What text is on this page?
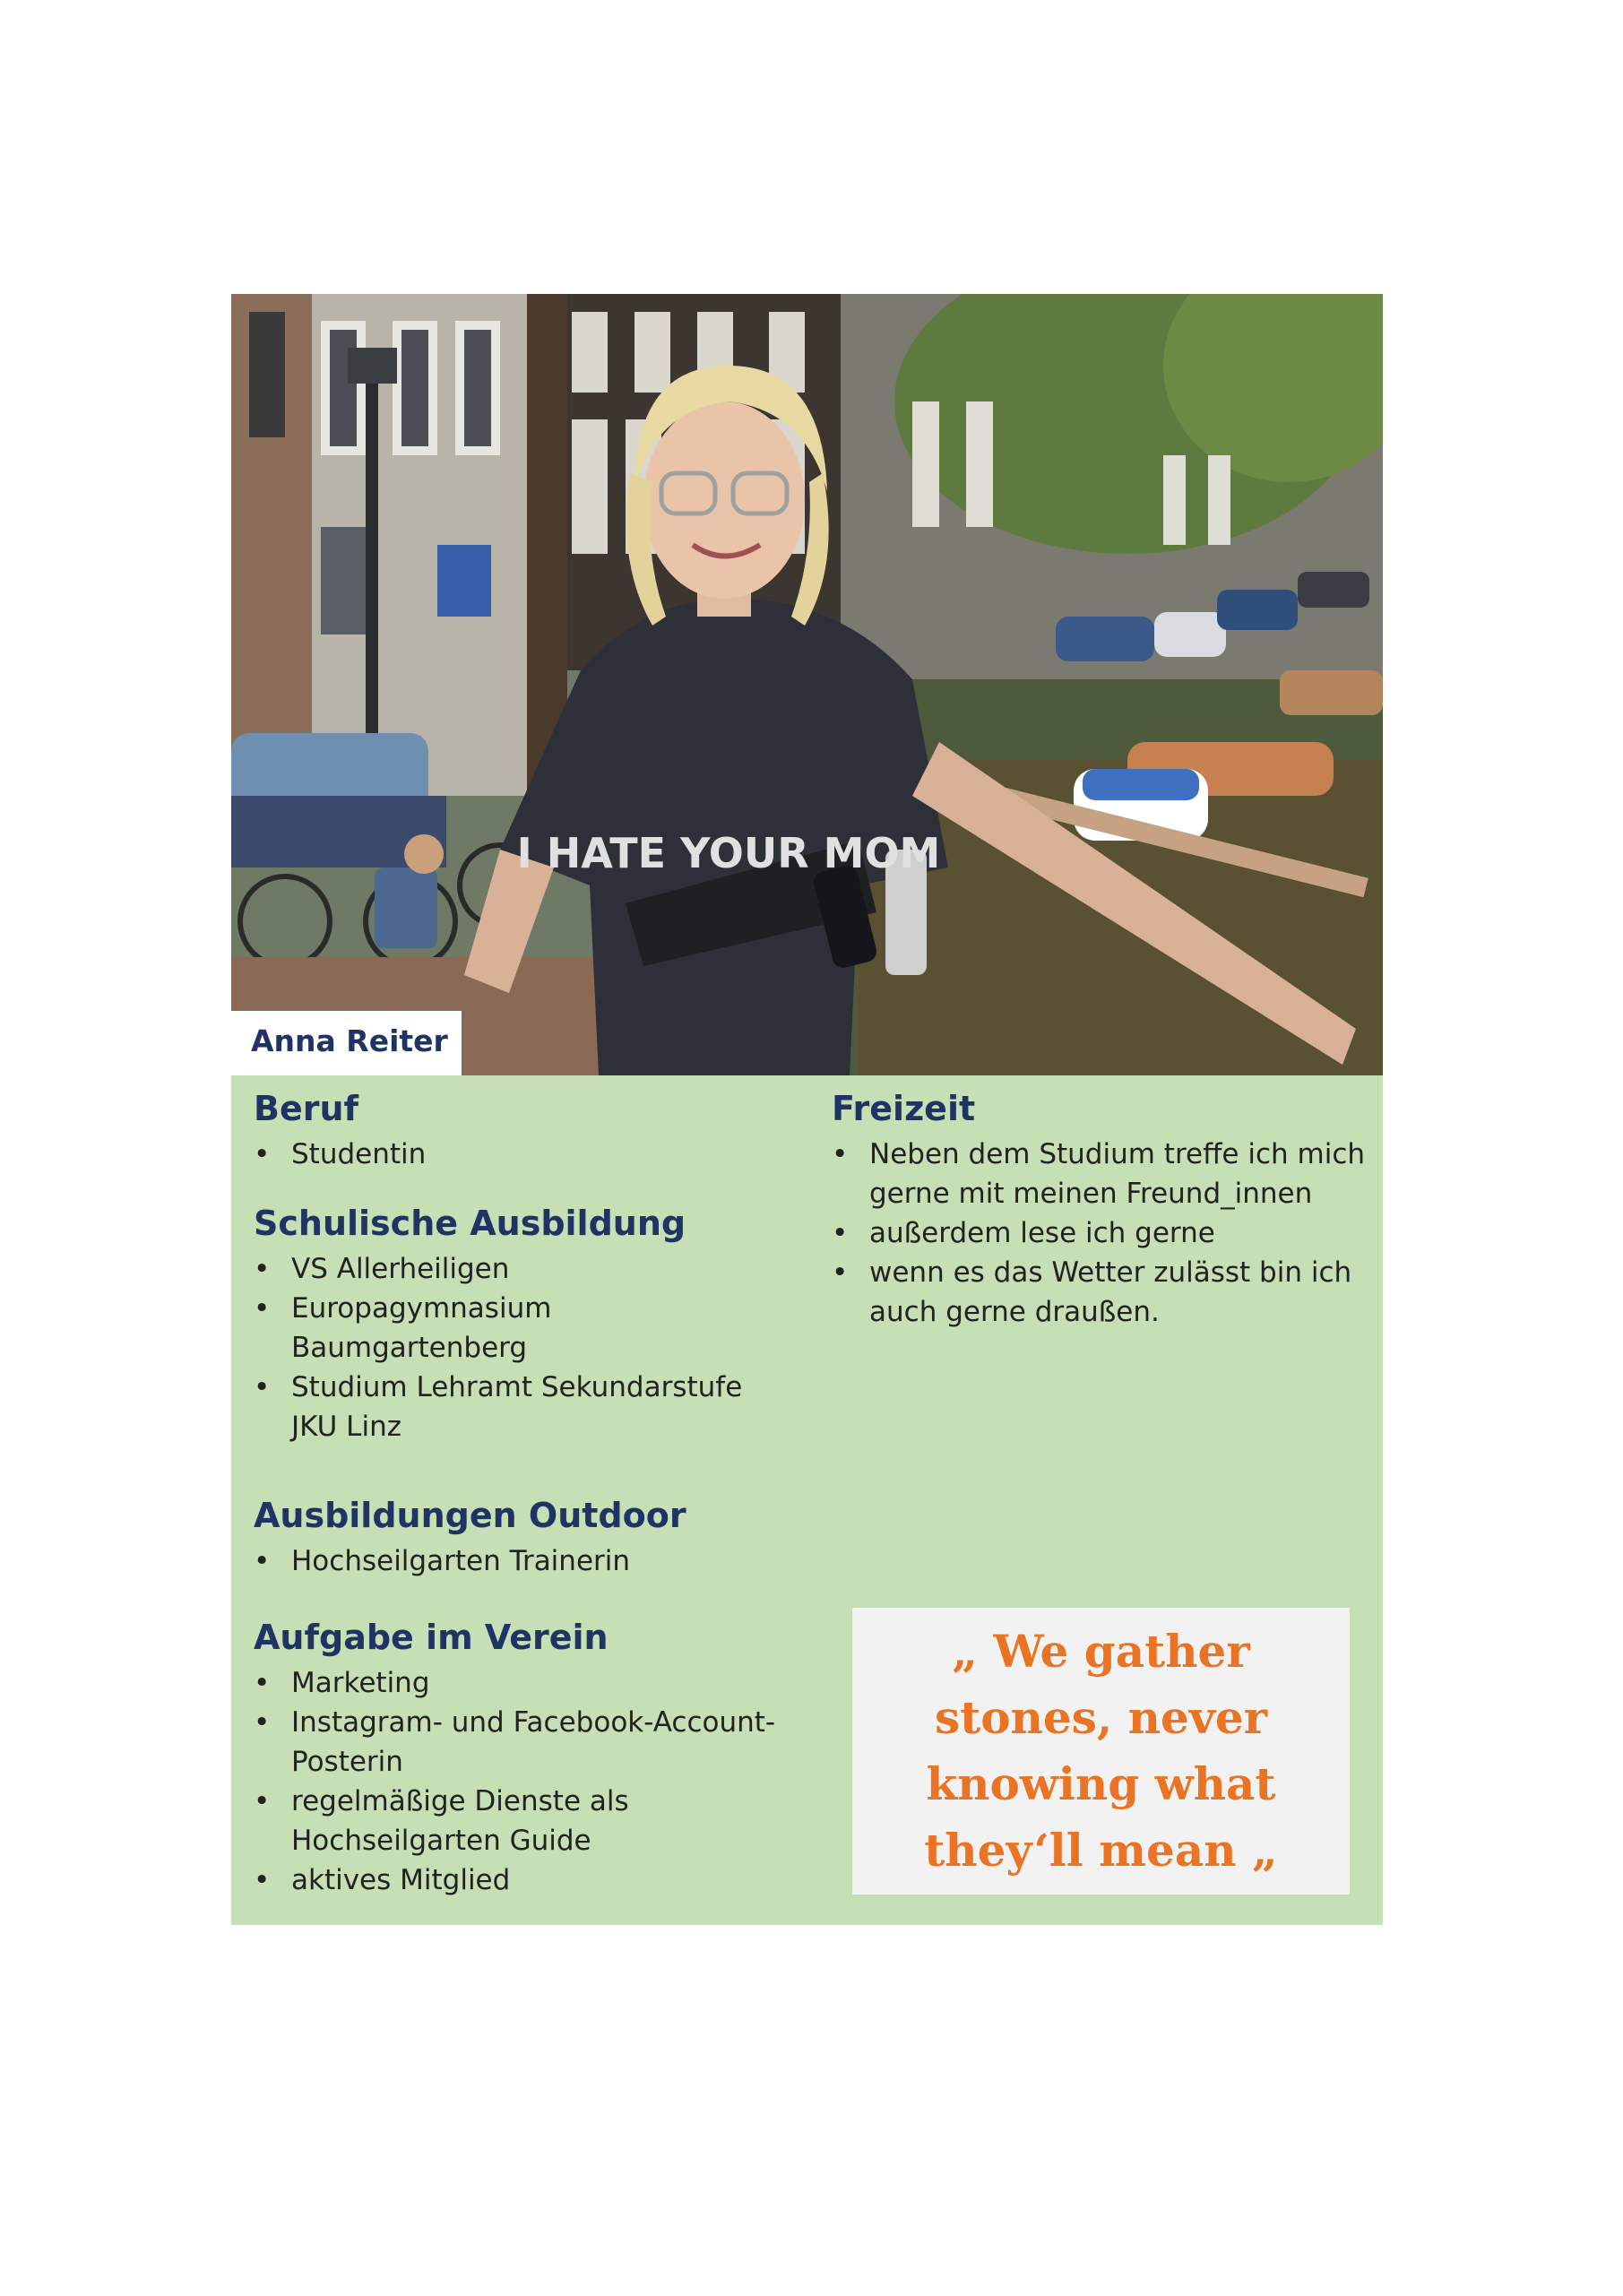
I HATE YOUR MOM
Anna Reiter
Beruf
• Studentin
Schulische Ausbildung
• VS Allerheiligen
• Europagymnasium Baumgartenberg
• Studium Lehramt Sekundarstufe JKU Linz
Ausbildungen Outdoor
• Hochseilgarten Trainerin
Aufgabe im Verein
• Marketing
• Instagram- und Facebook-Account-Posterin
• regelmäßige Dienste als Hochseilgarten Guide
• aktives Mitglied
Freizeit
• Neben dem Studium treffe ich mich gerne mit meinen Freund_innen
• außerdem lese ich gerne
• wenn es das Wetter zulässt bin ich auch gerne draußen.

„ We gather stones, never knowing what they‘ll mean „
